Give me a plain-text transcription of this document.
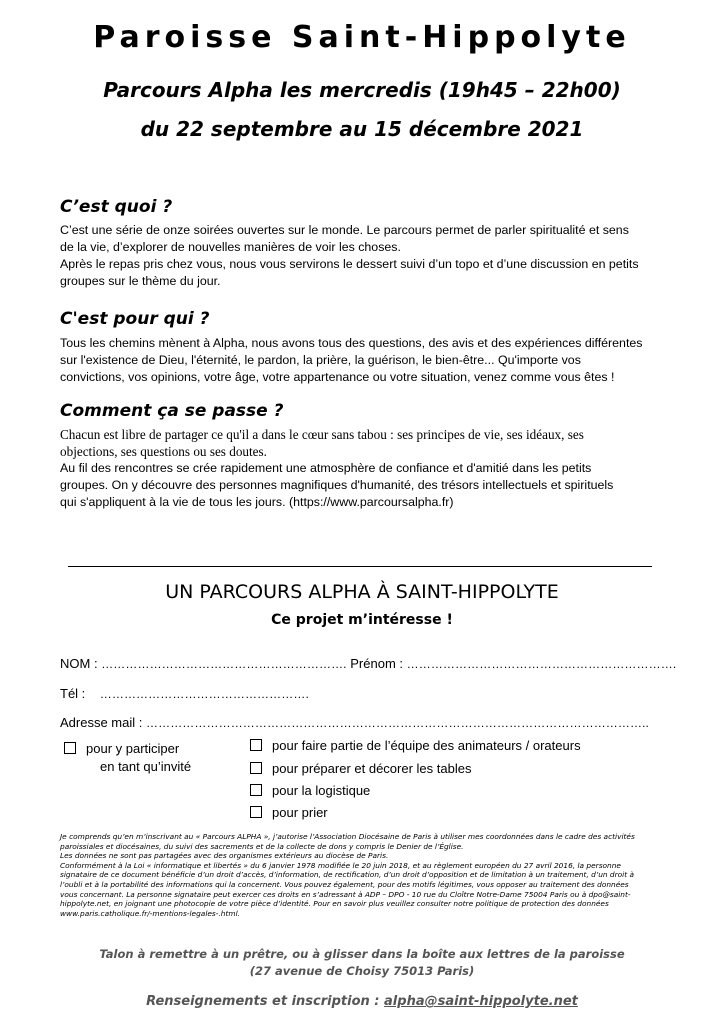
Paroisse Saint-Hippolyte
Parcours Alpha les mercredis (19h45 – 22h00)
du 22 septembre au 15 décembre 2021
C’est quoi ?
C’est une série de onze soirées ouvertes sur le monde. Le parcours permet de parler spiritualité et sens
de la vie, d’explorer de nouvelles manières de voir les choses.
Après le repas pris chez vous, nous vous servirons le dessert suivi d’un topo et d’une discussion en petits
groupes sur le thème du jour.
C'est pour qui ?
Tous les chemins mènent à Alpha, nous avons tous des questions, des avis et des expériences différentes
sur l'existence de Dieu, l'éternité, le pardon, la prière, la guérison, le bien-être... Qu'importe vos
convictions, vos opinions, votre âge, votre appartenance ou votre situation, venez comme vous êtes !
Comment ça se passe ?
Chacun est libre de partager ce qu'il a dans le cœur sans tabou : ses principes de vie, ses idéaux, ses
objections, ses questions ou ses doutes.
Au fil des rencontres se crée rapidement une atmosphère de confiance et d'amitié dans les petits
groupes. On y découvre des personnes magnifiques d'humanité, des trésors intellectuels et spirituels
qui s'appliquent à la vie de tous les jours. (https://www.parcoursalpha.fr)
UN PARCOURS ALPHA À SAINT-HIPPOLYTE
Ce projet m’intéresse !
NOM : ……………………………………………………. Prénom : ………………………………………………………….
Tél : …………………………………………….
Adresse mail : ……………………………………………………………………………………………………………..
pour y participer
en tant qu’invité
pour faire partie de l’équipe des animateurs / orateurs
pour préparer et décorer les tables
pour la logistique
pour prier
Je comprends qu’en m’inscrivant au « Parcours ALPHA », j’autorise l’Association Diocésaine de Paris à utiliser mes coordonnées dans le cadre des activités
paroissiales et diocésaines, du suivi des sacrements et de la collecte de dons y compris le Denier de l’Église.
Les données ne sont pas partagées avec des organismes extérieurs au diocèse de Paris.
Conformément à la Loi « informatique et libertés » du 6 janvier 1978 modifiée le 20 juin 2018, et au règlement européen du 27 avril 2016, la personne
signataire de ce document bénéficie d’un droit d’accès, d’information, de rectification, d’un droit d’opposition et de limitation à un traitement, d’un droit à
l’oubli et à la portabilité des informations qui la concernent. Vous pouvez également, pour des motifs légitimes, vous opposer au traitement des données
vous concernant. La personne signataire peut exercer ces droits en s’adressant à ADP – DPO - 10 rue du Cloître Notre-Dame 75004 Paris ou à dpo@saint-
hippolyte.net, en joignant une photocopie de votre pièce d’identité. Pour en savoir plus veuillez consulter notre politique de protection des données
www.paris.catholique.fr/-mentions-legales-.html.
Talon à remettre à un prêtre, ou à glisser dans la boîte aux lettres de la paroisse
(27 avenue de Choisy 75013 Paris)
Renseignements et inscription : alpha@saint-hippolyte.net
